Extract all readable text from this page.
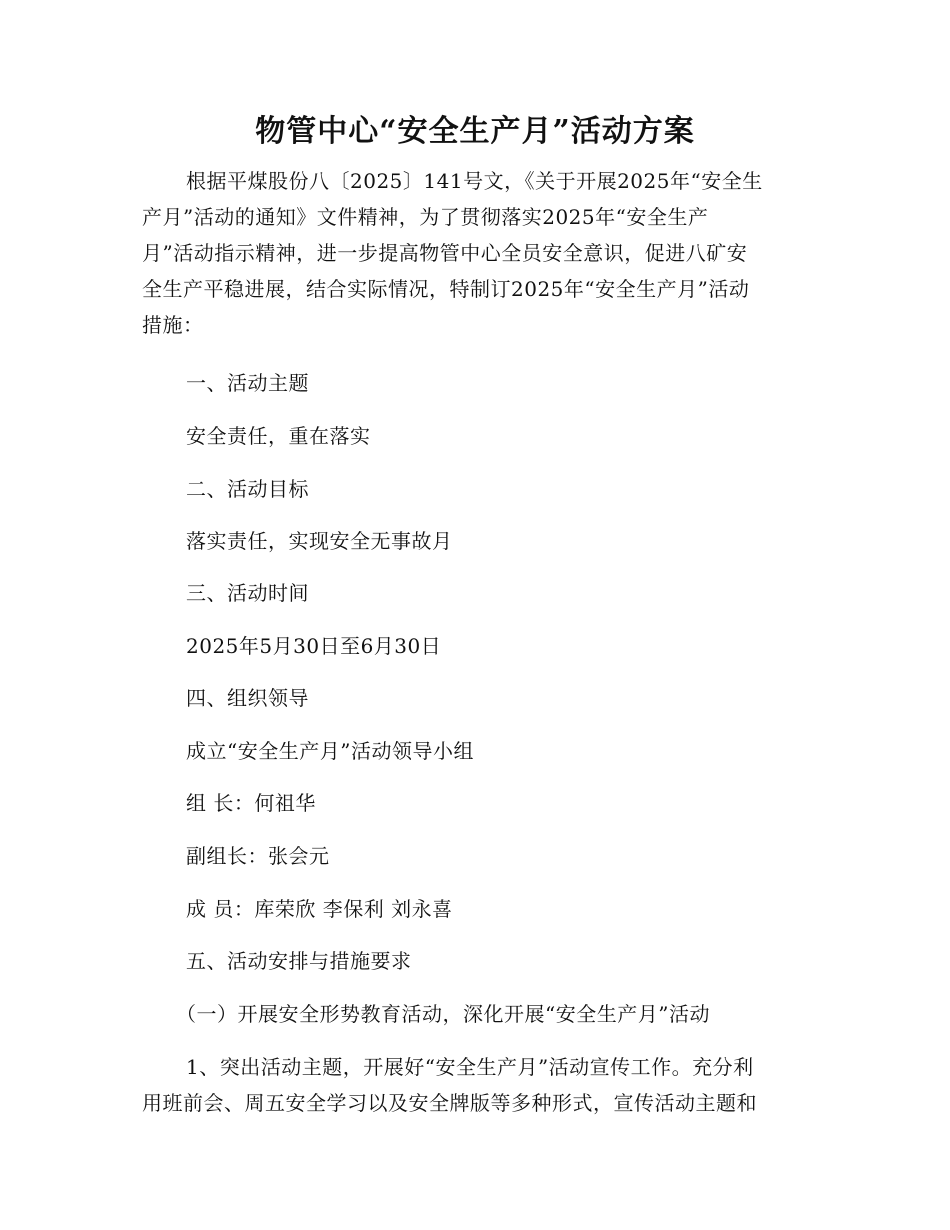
物管中心“安全生产月”活动方案
根据平煤股份八〔2025〕141号文，《关于开展2025年“安全生
产月”活动的通知》文件精神，为了贯彻落实2025年“安全生产
月”活动指示精神，进一步提高物管中心全员安全意识，促进八矿安
全生产平稳进展，结合实际情况，特制订2025年“安全生产月”活动
措施：
一、活动主题
安全责任，重在落实
二、活动目标
落实责任，实现安全无事故月
三、活动时间
2025年5月30日至6月30日
四、组织领导
成立“安全生产月”活动领导小组
组 长：何祖华
副组长：张会元
成 员：库荣欣 李保利 刘永喜
五、活动安排与措施要求
（一）开展安全形势教育活动，深化开展“安全生产月”活动
1、突出活动主题，开展好“安全生产月”活动宣传工作。充分利
用班前会、周五安全学习以及安全牌版等多种形式，宣传活动主题和
